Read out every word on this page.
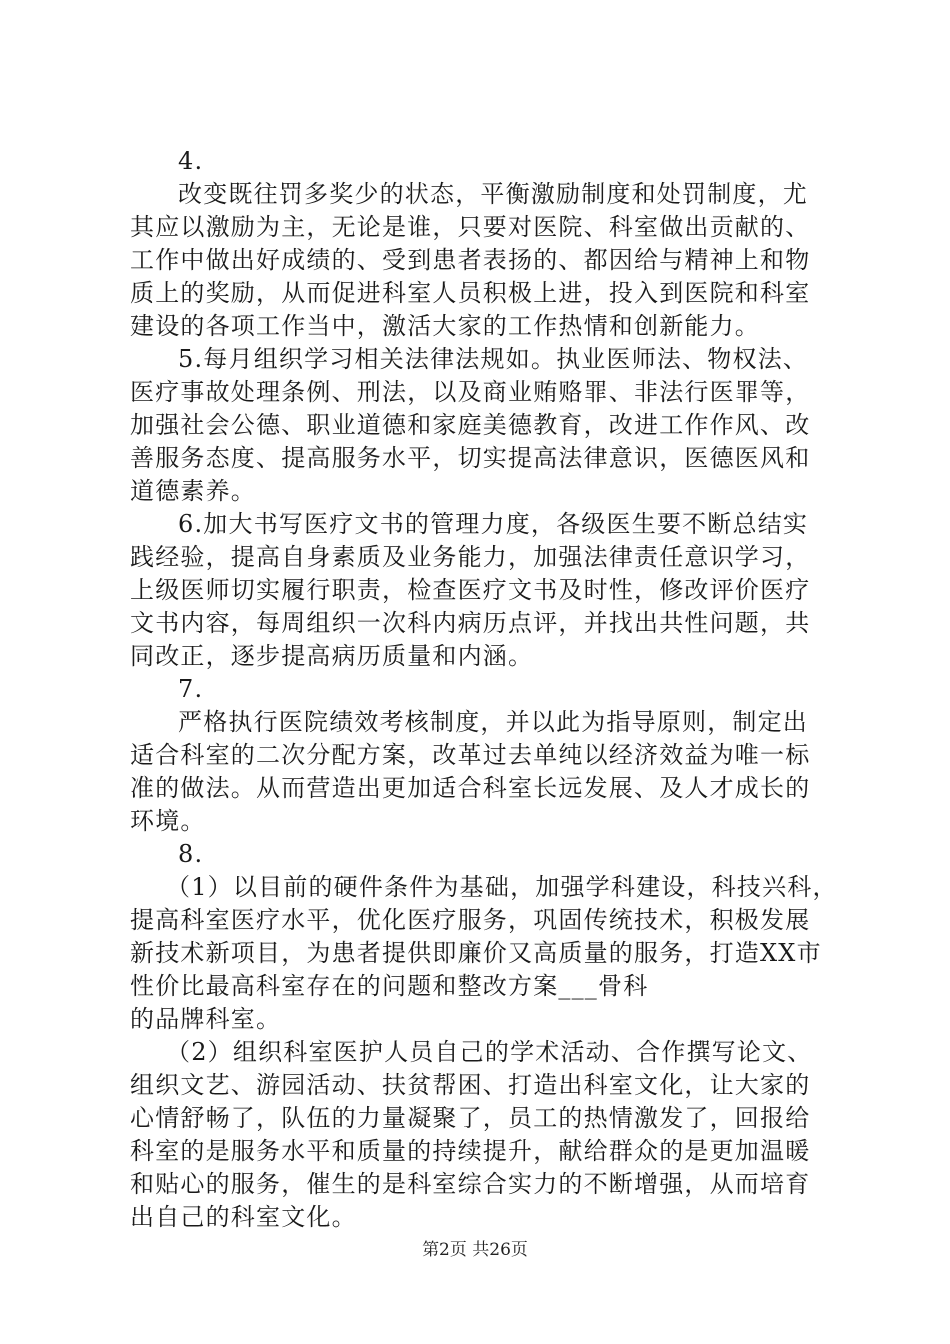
4.
改变既往罚多奖少的状态，平衡激励制度和处罚制度，尤
其应以激励为主，无论是谁，只要对医院、科室做出贡献的、
工作中做出好成绩的、受到患者表扬的、都因给与精神上和物
质上的奖励，从而促进科室人员积极上进，投入到医院和科室
建设的各项工作当中，激活大家的工作热情和创新能力。
5.每月组织学习相关法律法规如。执业医师法、物权法、
医疗事故处理条例、刑法，以及商业贿赂罪、非法行医罪等，
加强社会公德、职业道德和家庭美德教育，改进工作作风、改
善服务态度、提高服务水平，切实提高法律意识，医德医风和
道德素养。
6.加大书写医疗文书的管理力度，各级医生要不断总结实
践经验，提高自身素质及业务能力，加强法律责任意识学习，
上级医师切实履行职责，检查医疗文书及时性，修改评价医疗
文书内容，每周组织一次科内病历点评，并找出共性问题，共
同改正，逐步提高病历质量和内涵。
7.
严格执行医院绩效考核制度，并以此为指导原则，制定出
适合科室的二次分配方案，改革过去单纯以经济效益为唯一标
准的做法。从而营造出更加适合科室长远发展、及人才成长的
环境。
8.
（1）以目前的硬件条件为基础，加强学科建设，科技兴科，
提高科室医疗水平，优化医疗服务，巩固传统技术，积极发展
新技术新项目，为患者提供即廉价又高质量的服务，打造XX市
性价比最高科室存在的问题和整改方案___骨科
的品牌科室。
（2）组织科室医护人员自己的学术活动、合作撰写论文、
组织文艺、游园活动、扶贫帮困、打造出科室文化，让大家的
心情舒畅了，队伍的力量凝聚了，员工的热情激发了，回报给
科室的是服务水平和质量的持续提升，献给群众的是更加温暖
和贴心的服务，催生的是科室综合实力的不断增强，从而培育
出自己的科室文化。
第2页 共26页
